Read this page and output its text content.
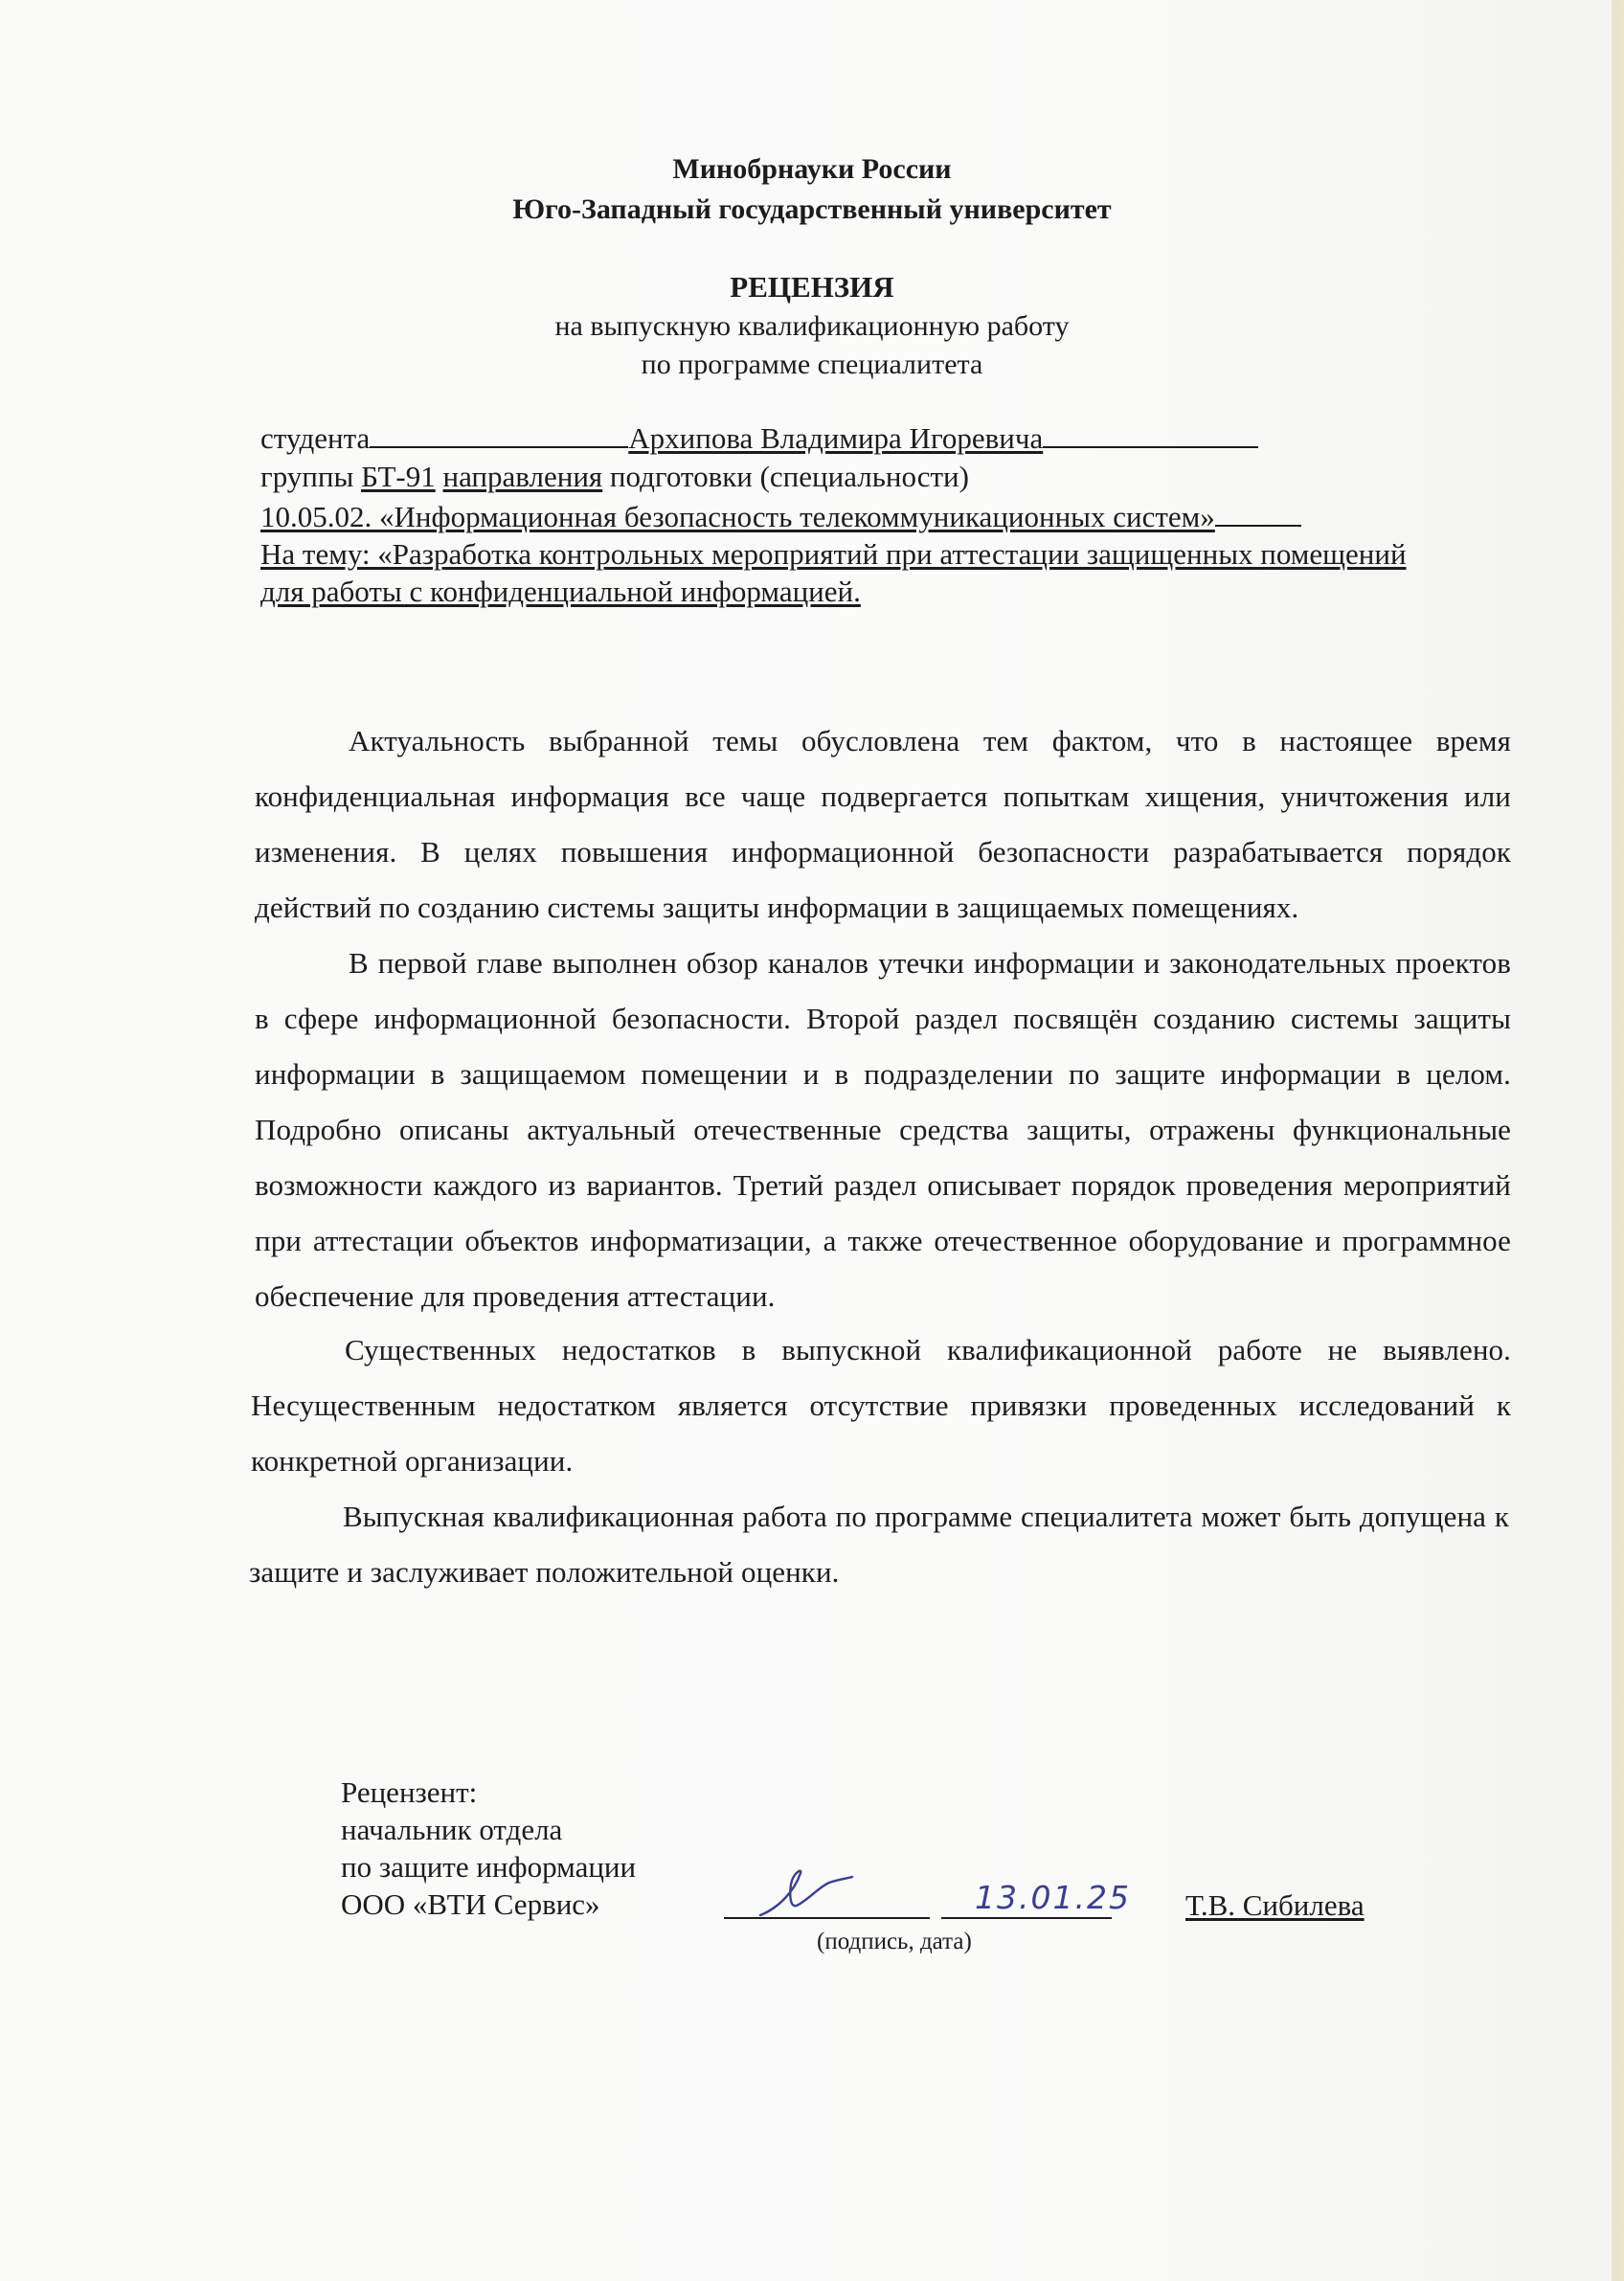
Минобрнауки России
Юго-Западный государственный университет
РЕЦЕНЗИЯ
на выпускную квалификационную работу
по программе специалитета
студента	Архипова Владимира Игоревича
группы БТ-91 направления подготовки (специальности)
10.05.02. «Информационная безопасность телекоммуникационных систем»
На тему: «Разработка контрольных мероприятий при аттестации защищенных помещений
для работы с конфиденциальной информацией.
Актуальность выбранной темы обусловлена тем фактом, что в настоящее время конфиденциальная информация все чаще подвергается попыткам хищения, уничтожения или изменения. В целях повышения информационной безопасности разрабатывается порядок действий по созданию системы защиты информации в защищаемых помещениях.
В первой главе выполнен обзор каналов утечки информации и законодательных проектов в сфере информационной безопасности. Второй раздел посвящён созданию системы защиты информации в защищаемом помещении и в подразделении по защите информации в целом. Подробно описаны актуальный отечественные средства защиты, отражены функциональные возможности каждого из вариантов. Третий раздел описывает порядок проведения мероприятий при аттестации объектов информатизации, а также отечественное оборудование и программное обеспечение для проведения аттестации.
Существенных недостатков в выпускной квалификационной работе не выявлено. Несущественным недостатком является отсутствие привязки проведенных исследований к конкретной организации.
Выпускная квалификационная работа по программе специалитета может быть допущена к защите и заслуживает положительной оценки.
Рецензент:
начальник отдела
по защите информации
ООО «ВТИ Сервис»	13.01.25
(подпись, дата)
Т.В. Сибилева
